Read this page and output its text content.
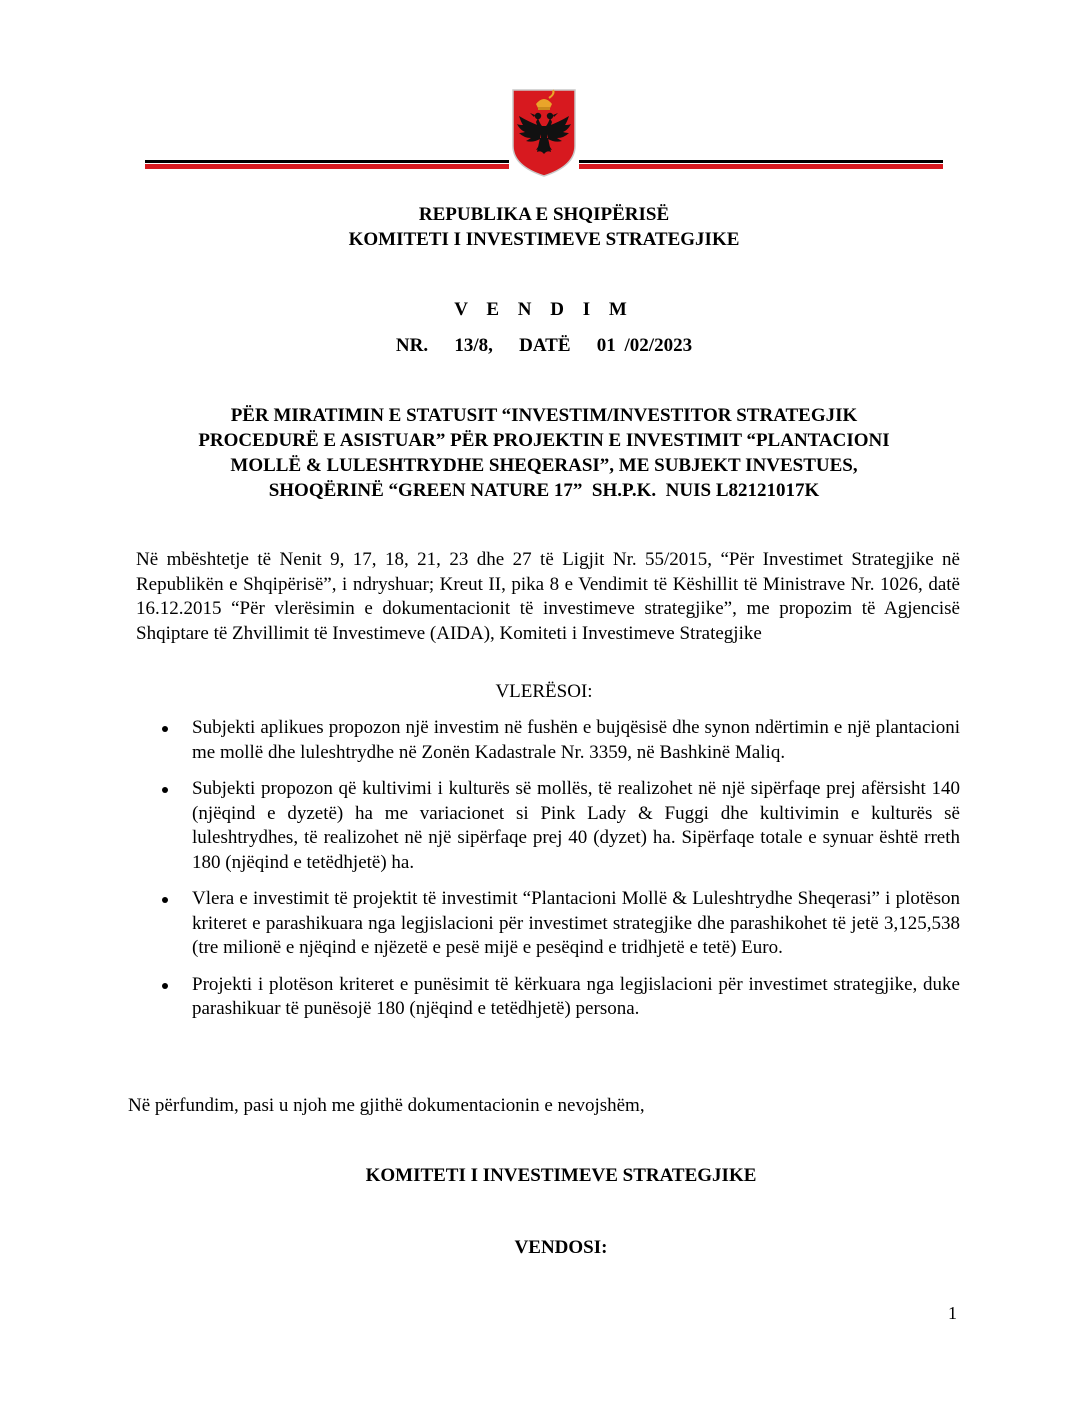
REPUBLIKA E SHQIPËRISË
KOMITETI I INVESTIMEVE STRATEGJIKE
V E N D I M
NR.   13/8,   DATË   01 /02/2023
PËR MIRATIMIN E STATUSIT “INVESTIM/INVESTITOR STRATEGJIK
PROCEDURË E ASISTUAR” PËR PROJEKTIN E INVESTIMIT “PLANTACIONI
MOLLË & LULESHTRYDHE SHEQERASI”, ME SUBJEKT INVESTUES,
SHOQËRINË “GREEN NATURE 17”  SH.P.K.  NUIS L82121017K
Në mbështetje të Nenit 9, 17, 18, 21, 23 dhe 27 të Ligjit Nr. 55/2015, “Për Investimet Strategjike në Republikën e Shqipërisë”, i ndryshuar; Kreut II, pika 8 e Vendimit të Këshillit të Ministrave Nr. 1026, datë 16.12.2015 “Për vlerësimin e dokumentacionit të investimeve strategjike”, me propozim të Agjencisë Shqiptare të Zhvillimit të Investimeve (AIDA), Komiteti i Investimeve Strategjike
VLERËSOI:
Subjekti aplikues propozon një investim në fushën e bujqësisë dhe synon ndërtimin e një plantacioni me mollë dhe luleshtrydhe në Zonën Kadastrale Nr. 3359, në Bashkinë Maliq.
Subjekti propozon që kultivimi i kulturës së mollës, të realizohet në një sipërfaqe prej afërsisht 140 (njëqind e dyzetë) ha me variacionet si Pink Lady & Fuggi dhe kultivimin e kulturës së luleshtrydhes, të realizohet në një sipërfaqe prej 40 (dyzet) ha. Sipërfaqe totale e synuar është rreth 180 (njëqind e tetëdhjetë) ha.
Vlera e investimit të projektit të investimit “Plantacioni Mollë & Luleshtrydhe Sheqerasi” i plotëson kriteret e parashikuara nga legjislacioni për investimet strategjike dhe parashikohet të jetë 3,125,538 (tre milionë e njëqind e njëzetë e pesë mijë e pesëqind e tridhjetë e tetë) Euro.
Projekti i plotëson kriteret e punësimit të kërkuara nga legjislacioni për investimet strategjike, duke parashikuar të punësojë 180 (njëqind e tetëdhjetë) persona.
Në përfundim, pasi u njoh me gjithë dokumentacionin e nevojshëm,
KOMITETI I INVESTIMEVE STRATEGJIKE
VENDOSI:
1
